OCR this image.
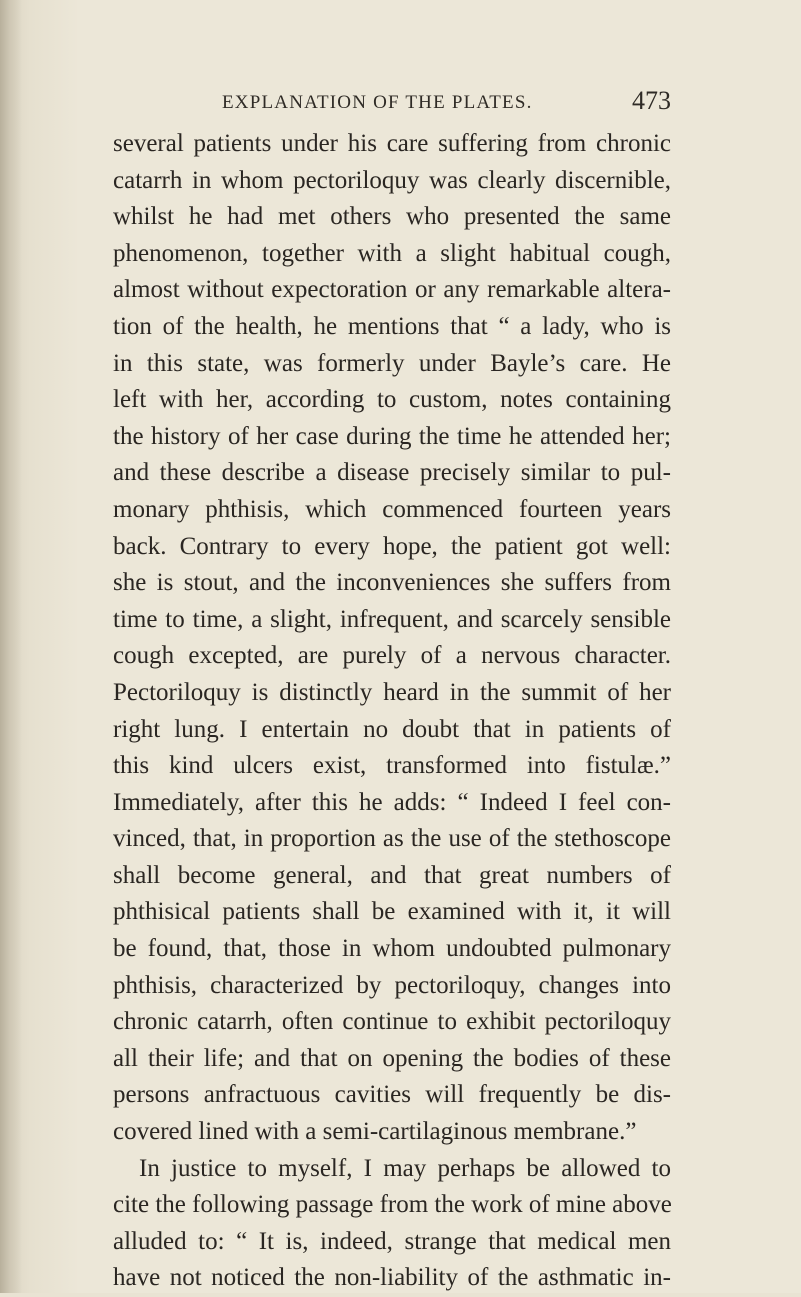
EXPLANATION OF THE PLATES.	473
several patients under his care suffering from chronic
catarrh in whom pectoriloquy was clearly discernible,
whilst he had met others who presented the same
phenomenon, together with a slight habitual cough,
almost without expectoration or any remarkable altera-
tion of the health, he mentions that “ a lady, who is
in this state, was formerly under Bayle’s care. He
left with her, according to custom, notes containing
the history of her case during the time he attended her;
and these describe a disease precisely similar to pul-
monary phthisis, which commenced fourteen years
back. Contrary to every hope, the patient got well:
she is stout, and the inconveniences she suffers from
time to time, a slight, infrequent, and scarcely sensible
cough excepted, are purely of a nervous character.
Pectoriloquy is distinctly heard in the summit of her
right lung. I entertain no doubt that in patients of
this kind ulcers exist, transformed into fistulæ.”
Immediately, after this he adds: “ Indeed I feel con-
vinced, that, in proportion as the use of the stethoscope
shall become general, and that great numbers of
phthisical patients shall be examined with it, it will
be found, that, those in whom undoubted pulmonary
phthisis, characterized by pectoriloquy, changes into
chronic catarrh, often continue to exhibit pectoriloquy
all their life; and that on opening the bodies of these
persons anfractuous cavities will frequently be dis-
covered lined with a semi-cartilaginous membrane.”
In justice to myself, I may perhaps be allowed to
cite the following passage from the work of mine above
alluded to: “ It is, indeed, strange that medical men
have not noticed the non-liability of the asthmatic in-
